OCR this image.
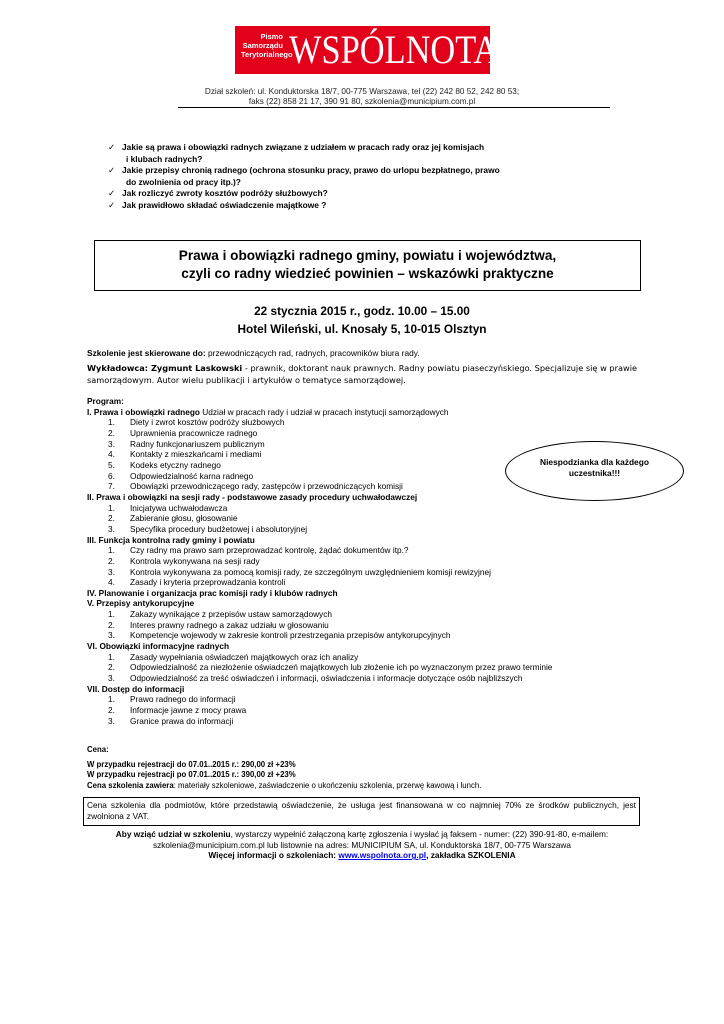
Pismo
Samorządu
Terytorialnego
WSPÓLNOTA
Dział szkoleń: ul. Konduktorska 18/7, 00-775 Warszawa, tel (22) 242 80 52, 242 80 53;
faks (22) 858 21 17, 390 91 80, szkolenia@municipium.com.pl
✓ Jakie są prawa i obowiązki radnych związane z udziałem w pracach rady oraz jej komisjach
i klubach radnych?
✓ Jakie przepisy chronią radnego (ochrona stosunku pracy, prawo do urlopu bezpłatnego, prawo
do zwolnienia od pracy itp.)?
✓ Jak rozliczyć zwroty kosztów podróży służbowych?
✓ Jak prawidłowo składać oświadczenie majątkowe ?
Prawa i obowiązki radnego gminy, powiatu i województwa,
czyli co radny wiedzieć powinien – wskazówki praktyczne
22 stycznia 2015 r., godz. 10.00 – 15.00
Hotel Wileński, ul. Knosały 5, 10-015 Olsztyn
Szkolenie jest skierowane do: przewodniczących rad, radnych, pracowników biura rady.
Wykładowca: Zygmunt Laskowski - prawnik, doktorant nauk prawnych. Radny powiatu piaseczyńskiego. Specjalizuje się w prawie samorządowym. Autor wielu publikacji i artykułów o tematyce samorządowej.
Program:
I. Prawa i obowiązki radnego Udział w pracach rady i udział w pracach instytucji samorządowych
1. Diety i zwrot kosztów podróży służbowych
2. Uprawnienia pracownicze radnego
3. Radny funkcjonariuszem publicznym
4. Kontakty z mieszkańcami i mediami
5. Kodeks etyczny radnego
6. Odpowiedzialność karna radnego
7. Obowiązki przewodniczącego rady, zastępców i przewodniczących komisji
II. Prawa i obowiązki na sesji rady - podstawowe zasady procedury uchwałodawczej
1. Inicjatywa uchwałodawcza
2. Zabieranie głosu, głosowanie
3. Specyfika procedury budżetowej i absolutoryjnej
III. Funkcja kontrolna rady gminy i powiatu
1. Czy radny ma prawo sam przeprowadzać kontrolę, żądać dokumentów itp.?
2. Kontrola wykonywana na sesji rady
3. Kontrola wykonywana za pomocą komisji rady, ze szczególnym uwzględnieniem komisji rewizyjnej
4. Zasady i kryteria przeprowadzania kontroli
IV. Planowanie i organizacja prac komisji rady i klubów radnych
V. Przepisy antykorupcyjne
1. Zakazy wynikające z przepisów ustaw samorządowych
2. Interes prawny radnego a zakaz udziału w głosowaniu
3. Kompetencje wojewody w zakresie kontroli przestrzegania przepisów antykorupcyjnych
VI. Obowiązki informacyjne radnych
1. Zasady wypełniania oświadczeń majątkowych oraz ich analizy
2. Odpowiedzialność za niezłożenie oświadczeń majątkowych lub złożenie ich po wyznaczonym przez prawo terminie
3. Odpowiedzialność za treść oświadczeń i informacji, oświadczenia i informacje dotyczące osób najbliższych
VII. Dostęp do informacji
1. Prawo radnego do informacji
2. Informacje jawne z mocy prawa
3. Granice prawa do informacji
Niespodzianka dla każdego
uczestnika!!!
Cena:
W przypadku rejestracji do 07.01..2015 r.: 290,00 zł +23%
W przypadku rejestracji po 07.01..2015 r.: 390,00 zł +23%
Cena szkolenia zawiera: materiały szkoleniowe, zaświadczenie o ukończeniu szkolenia, przerwę kawową i lunch.
Cena szkolenia dla podmiotów, które przedstawią oświadczenie, że usługa jest finansowana w co najmniej 70% ze środków publicznych, jest zwolniona z VAT.
Aby wziąć udział w szkoleniu, wystarczy wypełnić załączoną kartę zgłoszenia i wysłać ją faksem - numer: (22) 390-91-80, e-mailem:
szkolenia@municipium.com.pl lub listownie na adres: MUNICIPIUM SA, ul. Konduktorska 18/7, 00-775 Warszawa
Więcej informacji o szkoleniach: www.wspolnota.org.pl, zakładka SZKOLENIA
